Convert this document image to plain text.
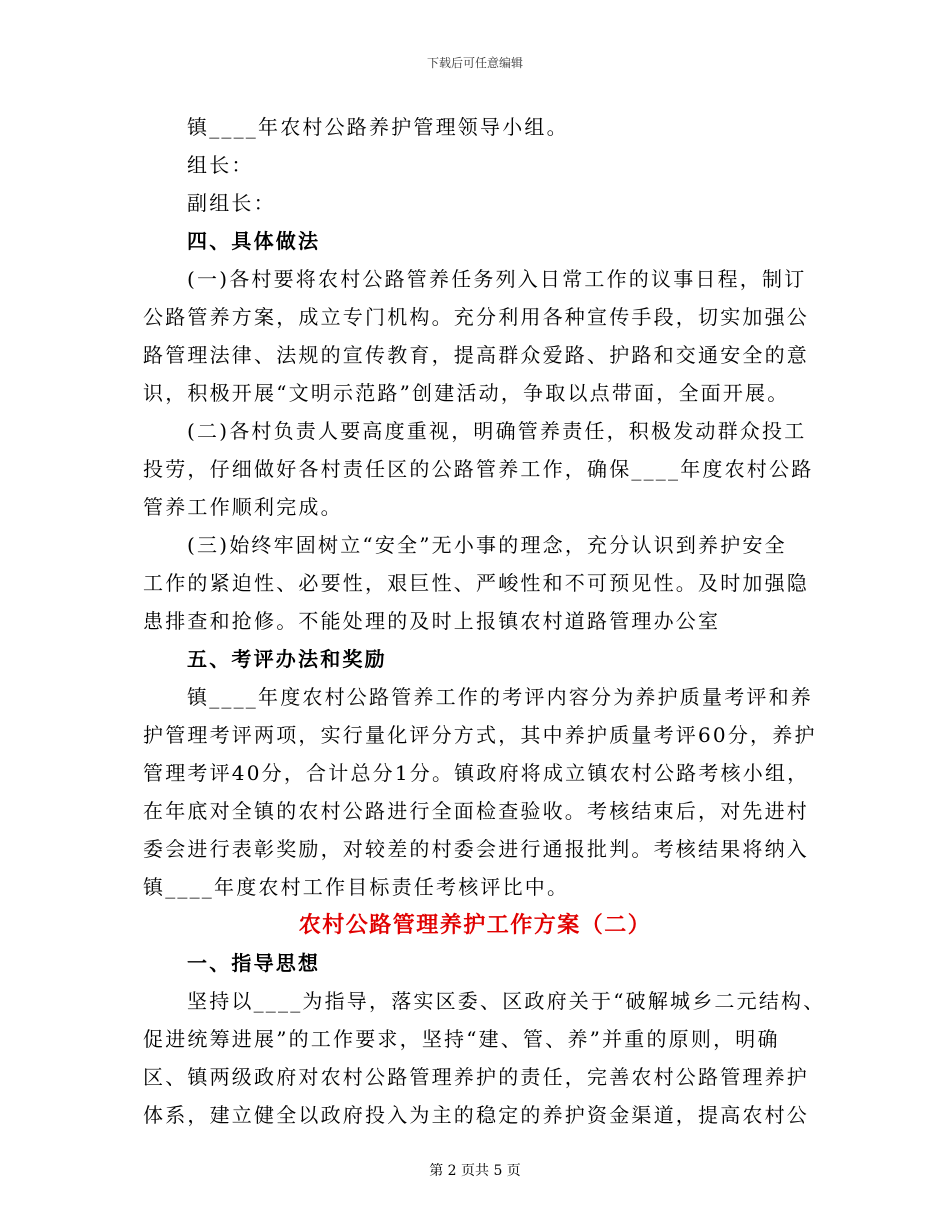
下载后可任意编辑
镇____年农村公路养护管理领导小组。
组长：
副组长：
四、具体做法
(一)各村要将农村公路管养任务列入日常工作的议事日程，制订
公路管养方案，成立专门机构。充分利用各种宣传手段，切实加强公
路管理法律、法规的宣传教育，提高群众爱路、护路和交通安全的意
识，积极开展“文明示范路”创建活动，争取以点带面，全面开展。
(二)各村负责人要高度重视，明确管养责任，积极发动群众投工
投劳，仔细做好各村责任区的公路管养工作，确保____年度农村公路
管养工作顺利完成。
(三)始终牢固树立“安全”无小事的理念，充分认识到养护安全
工作的紧迫性、必要性，艰巨性、严峻性和不可预见性。及时加强隐
患排查和抢修。不能处理的及时上报镇农村道路管理办公室
五、考评办法和奖励
镇____年度农村公路管养工作的考评内容分为养护质量考评和养
护管理考评两项，实行量化评分方式，其中养护质量考评60分，养护
管理考评40分，合计总分1分。镇政府将成立镇农村公路考核小组，
在年底对全镇的农村公路进行全面检查验收。考核结束后，对先进村
委会进行表彰奖励，对较差的村委会进行通报批判。考核结果将纳入
镇____年度农村工作目标责任考核评比中。
农村公路管理养护工作方案（二）
一、指导思想
坚持以____为指导，落实区委、区政府关于“破解城乡二元结构、
促进统筹进展”的工作要求，坚持“建、管、养”并重的原则，明确
区、镇两级政府对农村公路管理养护的责任，完善农村公路管理养护
体系，建立健全以政府投入为主的稳定的养护资金渠道，提高农村公
第 2 页共 5 页
